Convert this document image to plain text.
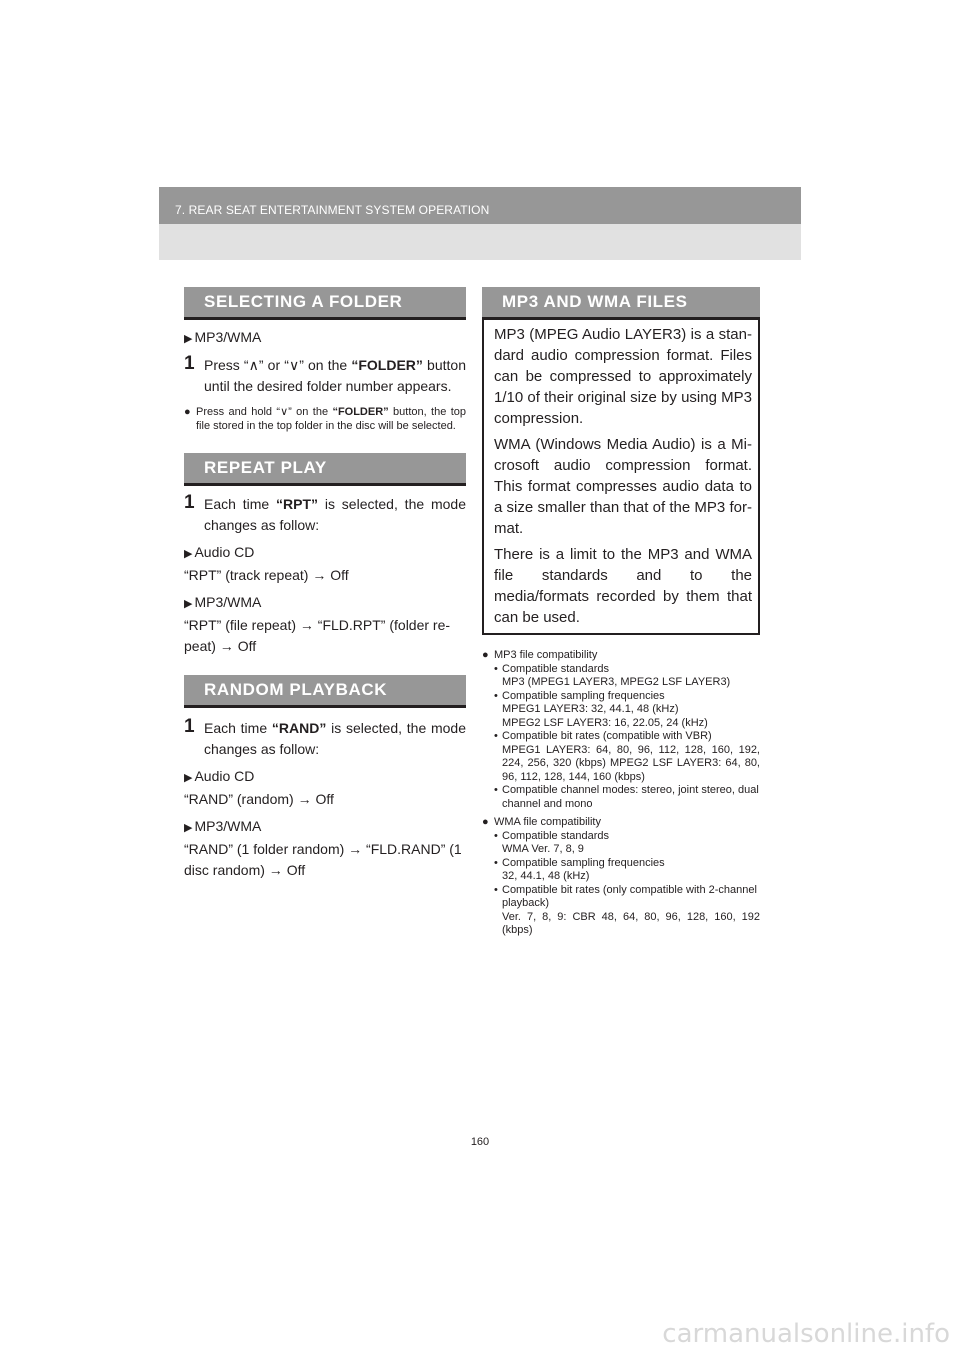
7. REAR SEAT ENTERTAINMENT SYSTEM OPERATION
SELECTING A FOLDER
▶ MP3/WMA
1 Press “∧” or “∨” on the “FOLDER” button until the desired folder number appears.
● Press and hold “∨” on the “FOLDER” button, the top file stored in the top folder in the disc will be selected.
REPEAT PLAY
1 Each time “RPT” is selected, the mode changes as follow:
▶ Audio CD
“RPT” (track repeat) → Off
▶ MP3/WMA
“RPT” (file repeat) → “FLD.RPT” (folder re-peat) → Off
RANDOM PLAYBACK
1 Each time “RAND” is selected, the mode changes as follow:
▶ Audio CD
“RAND” (random) → Off
▶ MP3/WMA
“RAND” (1 folder random) → “FLD.RAND” (1 disc random) → Off
MP3 AND WMA FILES

MP3 (MPEG Audio LAYER3) is a stan-dard audio compression format. Files can be compressed to approximately 1/10 of their original size by using MP3 compression.

WMA (Windows Media Audio) is a Mi-crosoft audio compression format. This format compresses audio data to a size smaller than that of the MP3 for-mat.

There is a limit to the MP3 and WMA file standards and to the media/formats recorded by them that can be used.

● MP3 file compatibility
• Compatible standards
MP3 (MPEG1 LAYER3, MPEG2 LSF LAYER3)
• Compatible sampling frequencies
MPEG1 LAYER3: 32, 44.1, 48 (kHz)
MPEG2 LSF LAYER3: 16, 22.05, 24 (kHz)
• Compatible bit rates (compatible with VBR)
MPEG1 LAYER3: 64, 80, 96, 112, 128, 160, 192, 224, 256, 320 (kbps) MPEG2 LSF LAYER3: 64, 80, 96, 112, 128, 144, 160 (kbps)
• Compatible channel modes: stereo, joint stereo, dual channel and mono
● WMA file compatibility
• Compatible standards
WMA Ver. 7, 8, 9
• Compatible sampling frequencies
32, 44.1, 48 (kHz)
• Compatible bit rates (only compatible with 2-channel playback)
Ver. 7, 8, 9: CBR 48, 64, 80, 96, 128, 160, 192 (kbps)
160
carmanualsonline.info
